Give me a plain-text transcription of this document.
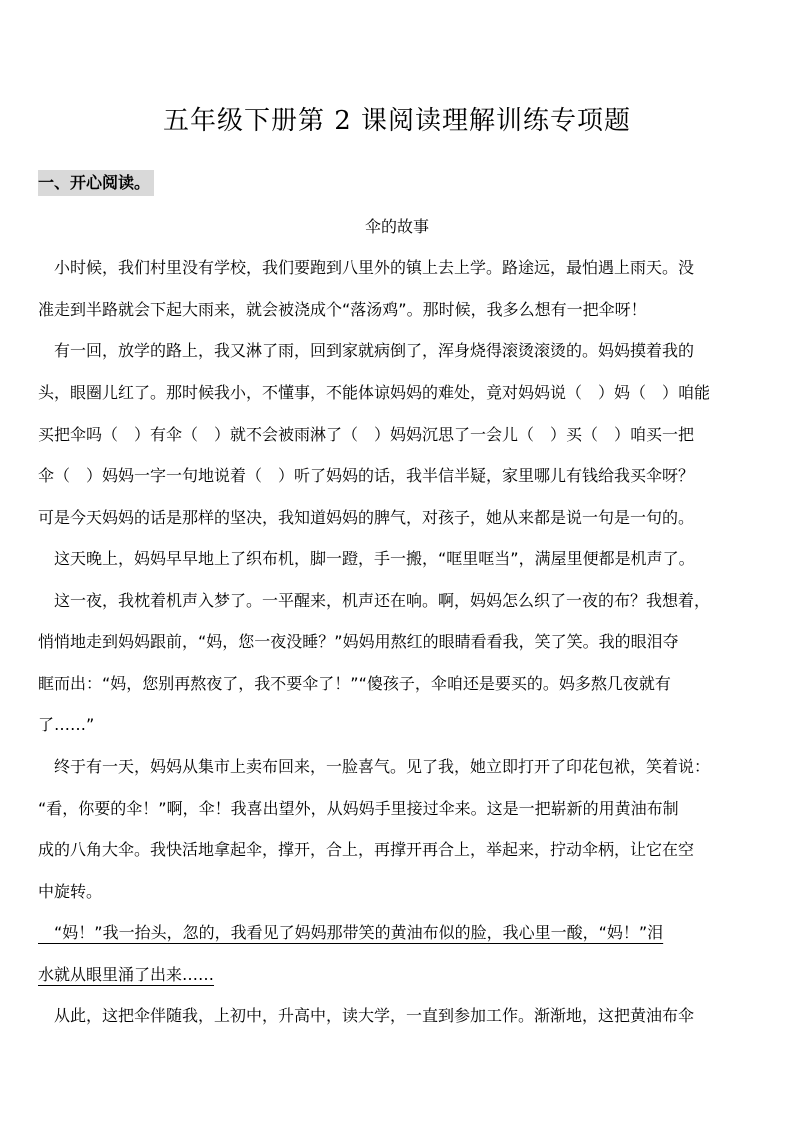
五年级下册第 2 课阅读理解训练专项题
一、开心阅读。
伞的故事
　小时候，我们村里没有学校，我们要跑到八里外的镇上去上学。路途远，最怕遇上雨天。没
准走到半路就会下起大雨来，就会被浇成个“落汤鸡”。那时候，我多么想有一把伞呀！
　有一回，放学的路上，我又淋了雨，回到家就病倒了，浑身烧得滚烫滚烫的。妈妈摸着我的
头，眼圈儿红了。那时候我小，不懂事，不能体谅妈妈的难处，竟对妈妈说（　）妈（　）咱能
买把伞吗（　）有伞（　）就不会被雨淋了（　）妈妈沉思了一会儿（　）买（　）咱买一把
伞（　）妈妈一字一句地说着（　）听了妈妈的话，我半信半疑，家里哪儿有钱给我买伞呀？
可是今天妈妈的话是那样的坚决，我知道妈妈的脾气，对孩子，她从来都是说一句是一句的。
　这天晚上，妈妈早早地上了织布机，脚一蹬，手一搬，“哐里哐当”，满屋里便都是机声了。
　这一夜，我枕着机声入梦了。一平醒来，机声还在响。啊，妈妈怎么织了一夜的布？我想着，
悄悄地走到妈妈跟前，“妈，您一夜没睡？”妈妈用熬红的眼睛看看我，笑了笑。我的眼泪夺
眶而出：“妈，您别再熬夜了，我不要伞了！”“傻孩子，伞咱还是要买的。妈多熬几夜就有
了……”
　终于有一天，妈妈从集市上卖布回来，一脸喜气。见了我，她立即打开了印花包袱，笑着说：
“看，你要的伞！”啊，伞！我喜出望外，从妈妈手里接过伞来。这是一把崭新的用黄油布制
成的八角大伞。我快活地拿起伞，撑开，合上，再撑开再合上，举起来，拧动伞柄，让它在空
中旋转。
　“妈！”我一抬头，忽的，我看见了妈妈那带笑的黄油布似的脸，我心里一酸，“妈！”泪
水就从眼里涌了出来……
　从此，这把伞伴随我，上初中，升高中，读大学，一直到参加工作。渐渐地，这把黄油布伞
